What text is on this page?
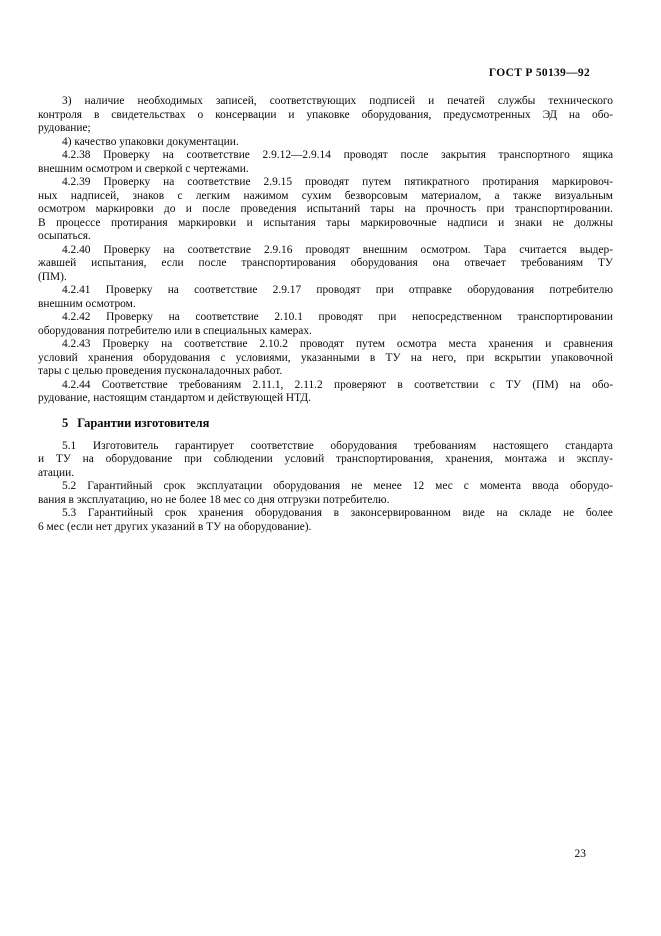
ГОСТ Р 50139—92

3) наличие необходимых записей, соответствующих подписей и печатей службы технического
контроля в свидетельствах о консервации и упаковке оборудования, предусмотренных ЭД на обо-
рудование;

4) качество упаковки документации.

4.2.38 Проверку на соответствие 2.9.12—2.9.14 проводят после закрытия транспортного ящика
внешним осмотром и сверкой с чертежами.

4.2.39 Проверку на соответствие 2.9.15 проводят путем пятикратного протирания маркировоч-
ных надписей, знаков с легким нажимом сухим безворсовым материалом, а также визуальным
осмотром маркировки до и после проведения испытаний тары на прочность при транспортировании.
В процессе протирания маркировки и испытания тары маркировочные надписи и знаки не должны
осыпаться.

4.2.40 Проверку на соответствие 2.9.16 проводят внешним осмотром. Тара считается выдер-
жавшей испытания, если после транспортирования оборудования она отвечает требованиям ТУ
(ПМ).

4.2.41 Проверку на соответствие 2.9.17 проводят при отправке оборудования потребителю
внешним осмотром.

4.2.42 Проверку на соответствие 2.10.1 проводят при непосредственном транспортировании
оборудования потребителю или в специальных камерах.

4.2.43 Проверку на соответствие 2.10.2 проводят путем осмотра места хранения и сравнения
условий хранения оборудования с условиями, указанными в ТУ на него, при вскрытии упаковочной
тары с целью проведения пусконаладочных работ.

4.2.44 Соответствие требованиям 2.11.1, 2.11.2 проверяют в соответствии с ТУ (ПМ) на обо-
рудование, настоящим стандартом и действующей НТД.

5 Гарантии изготовителя

5.1 Изготовитель гарантирует соответствие оборудования требованиям настоящего стандарта
и ТУ на оборудование при соблюдении условий транспортирования, хранения, монтажа и эксплу-
атации.

5.2 Гарантийный срок эксплуатации оборудования не менее 12 мес с момента ввода оборудо-
вания в эксплуатацию, но не более 18 мес со дня отгрузки потребителю.

5.3 Гарантийный срок хранения оборудования в законсервированном виде на складе не более
6 мес (если нет других указаний в ТУ на оборудование).

23
